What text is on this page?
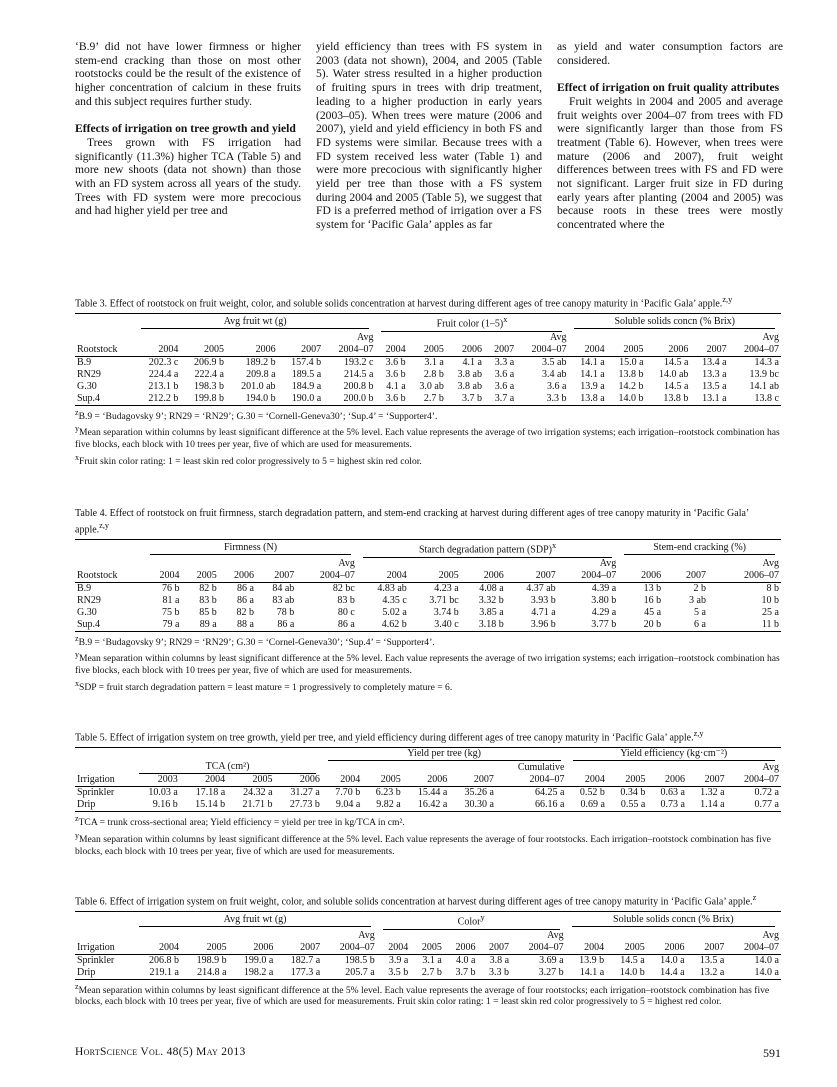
‘B.9’ did not have lower firmness or higher stem-end cracking than those on most other rootstocks could be the result of the existence of higher concentration of calcium in these fruits and this subject requires further study.

Effects of irrigation on tree growth and yield

Trees grown with FS irrigation had significantly (11.3%) higher TCA (Table 5) and more new shoots (data not shown) than those with an FD system across all years of the study. Trees with FD system were more precocious and had higher yield per tree and

yield efficiency than trees with FS system in 2003 (data not shown), 2004, and 2005 (Table 5). Water stress resulted in a higher production of fruiting spurs in trees with drip treatment, leading to a higher production in early years (2003–05). When trees were mature (2006 and 2007), yield and yield efficiency in both FS and FD systems were similar. Because trees with a FD system received less water (Table 1) and were more precocious with significantly higher yield per tree than those with a FS system during 2004 and 2005 (Table 5), we suggest that FD is a preferred method of irrigation over a FS system for ‘Pacific Gala’ apples as far

as yield and water consumption factors are considered.

Effect of irrigation on fruit quality attributes

Fruit weights in 2004 and 2005 and average fruit weights over 2004–07 from trees with FD were significantly larger than those from FS treatment (Table 6). However, when trees were mature (2006 and 2007), fruit weight differences between trees with FS and FD were not significant. Larger fruit size in FD during early years after planting (2004 and 2005) was because roots in these trees were mostly concentrated where the

Table 3. Effect of rootstock on fruit weight, color, and soluble solids concentration at harvest during different ages of tree canopy maturity in ‘Pacific Gala’ apple.$^{z,y}$

	Avg fruit wt (g)					Fruit color $(1-5)^x$					Soluble solids concn (% Brix)				

					Avg					Avg					Avg
Rootstock	2004	2005	2006	2007	2004–07	2004	2005	2006	2007	2004–07	2004	2005	2006	2007	2004–07
B.9	202.3 c	206.9 b	189.2 b	157.4 b	193.2 c	3.6 b	3.1 a	4.1 a	3.3 a	3.5 ab	14.1 a	15.0 a	14.5 a	13.4 a	14.3 a
RN29	224.4 a	222.4 a	209.8 a	189.5 a	214.5 a	3.6 b	2.8 b	3.8 ab	3.6 a	3.4 ab	14.1 a	13.8 b	14.0 ab	13.3 a	13.9 bc
G.30	213.1 b	198.3 b	201.0 ab	184.9 a	200.8 b	4.1 a	3.0 ab	3.8 ab	3.6 a	3.6 a	13.9 a	14.2 b	14.5 a	13.5 a	14.1 ab
Sup.4	212.2 b	199.8 b	194.0 b	190.0 a	200.0 b	3.6 b	2.7 b	3.7 b	3.7 a	3.3 b	13.8 a	14.0 b	13.8 b	13.1 a	13.8 c

$^z$B.9 = ‘Budagovsky 9’; RN29 = ‘RN29’; G.30 = ‘Cornell-Geneva30’; ‘Sup.4’ = ‘Supporter4’.

$^y$Mean separation within columns by least significant difference at the 5% level. Each value represents the average of two irrigation systems; each irrigation–rootstock combination has five blocks, each block with 10 trees per year, five of which are used for measurements.

$^x$Fruit skin color rating: 1 = least skin red color progressively to 5 = highest skin red color.

Table 4. Effect of rootstock on fruit firmness, starch degradation pattern, and stem-end cracking at harvest during different ages of tree canopy maturity in ‘Pacific Gala’ apple.$^{z,y}$

	Firmness (N)					Starch degradation pattern (SDP)$^x$					Stem-end cracking (%)		

					Avg					Avg			Avg
Rootstock	2004	2005	2006	2007	2004–07	2004	2005	2006	2007	2004–07	2006	2007	2006–07
B.9	76 b	82 b	86 a	84 ab	82 bc	4.83 ab	4.23 a	4.08 a	4.37 ab	4.39 a	13 b	2 b	8 b
RN29	81 a	83 b	86 a	83 ab	83 b	4.35 c	3.71 bc	3.32 b	3.93 b	3.80 b	16 b	3 ab	10 b
G.30	75 b	85 b	82 b	78 b	80 c	5.02 a	3.74 b	3.85 a	4.71 a	4.29 a	45 a	5 a	25 a
Sup.4	79 a	89 a	88 a	86 a	86 a	4.62 b	3.40 c	3.18 b	3.96 b	3.77 b	20 b	6 a	11 b

$^z$B.9 = ‘Budagovsky 9’; RN29 = ‘RN29’; G.30 = ‘Cornel-Geneva30’; ‘Sup.4’ = ‘Supporter4’.

$^y$Mean separation within columns by least significant difference at the 5% level. Each value represents the average of two irrigation systems; each irrigation–rootstock combination has five blocks, each block with 10 trees per year, five of which are used for measurements.

$^x$SDP = fruit starch degradation pattern = least mature = 1 progressively to completely mature = 6.

Table 5. Effect of irrigation system on tree growth, yield per tree, and yield efficiency during different ages of tree canopy maturity in ‘Pacific Gala’ apple.$^{z,y}$

					Yield per tree (kg)					Yield efficiency (kg·cm⁻²)				

	TCA (cm²)								Cumulative					Avg
Irrigation	2003	2004	2005	2006	2004	2005	2006	2007	2004–07	2004	2005	2006	2007	2004–07
Sprinkler	10.03 a	17.18 a	24.32 a	31.27 a	7.70 b	6.23 b	15.44 a	35.26 a	64.25 a	0.52 b	0.34 b	0.63 a	1.32 a	0.72 a
Drip	9.16 b	15.14 b	21.71 b	27.73 b	9.04 a	9.82 a	16.42 a	30.30 a	66.16 a	0.69 a	0.55 a	0.73 a	1.14 a	0.77 a

$^z$TCA = trunk cross-sectional area; Yield efficiency = yield per tree in kg/TCA in cm².

$^y$Mean separation within columns by least significant difference at the 5% level. Each value represents the average of four rootstocks. Each irrigation–rootstock combination has five blocks, each block with 10 trees per year, five of which are used for measurements.

Table 6. Effect of irrigation system on fruit weight, color, and soluble solids concentration at harvest during different ages of tree canopy maturity in ‘Pacific Gala’ apple.$^z$

	Avg fruit wt (g)					Color$^y$					Soluble solids concn (% Brix)				

					Avg					Avg					Avg
Irrigation	2004	2005	2006	2007	2004–07	2004	2005	2006	2007	2004–07	2004	2005	2006	2007	2004–07
Sprinkler	206.8 b	198.9 b	199.0 a	182.7 a	198.5 b	3.9 a	3.1 a	4.0 a	3.8 a	3.69 a	13.9 b	14.5 a	14.0 a	13.5 a	14.0 a
Drip	219.1 a	214.8 a	198.2 a	177.3 a	205.7 a	3.5 b	2.7 b	3.7 b	3.3 b	3.27 b	14.1 a	14.0 b	14.4 a	13.2 a	14.0 a

$^z$Mean separation within columns by least significant difference at the 5% level. Each value represents the average of four rootstocks; each irrigation–rootstock combination has five blocks, each block with 10 trees per year, five of which are used for measurements. Fruit skin color rating: 1 = least skin red color progressively to 5 = highest red color.

HortScience Vol. 48(5) May 2013	591
